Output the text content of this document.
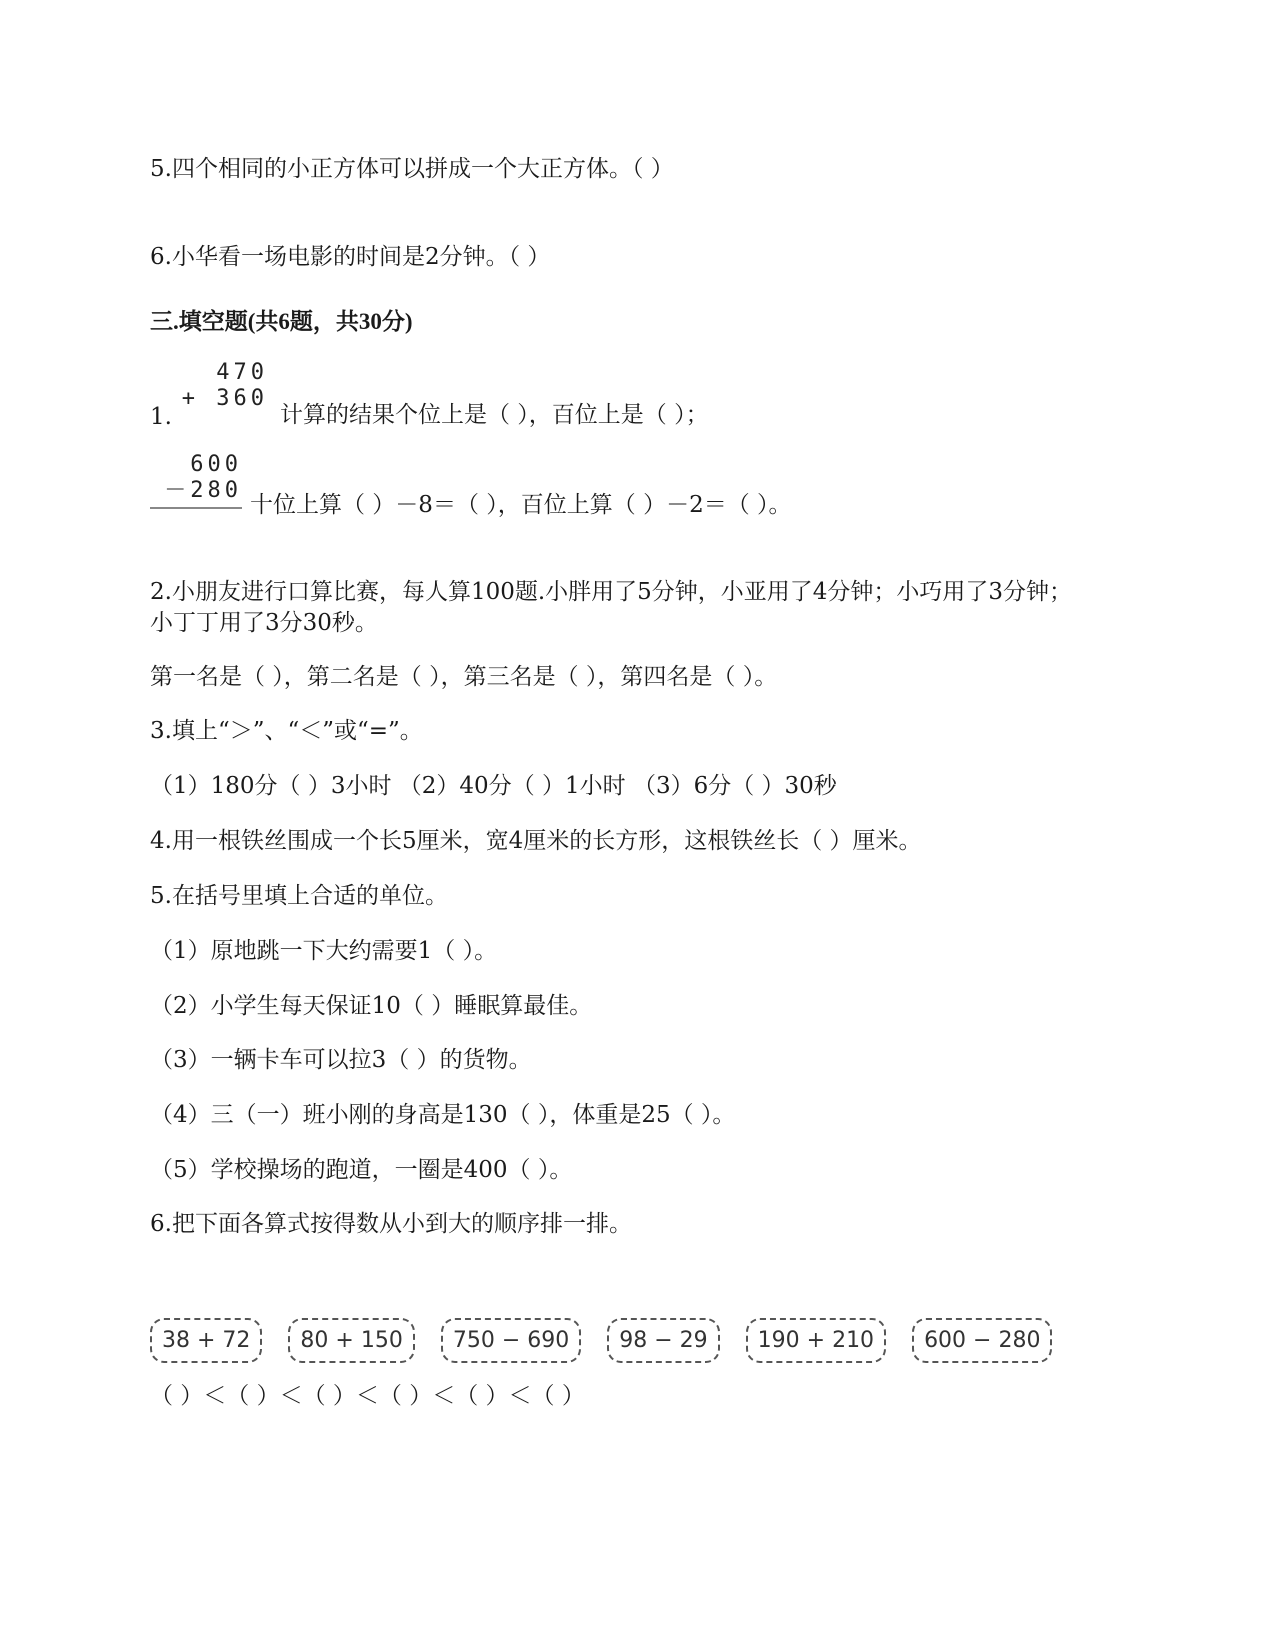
5.四个相同的小正方体可以拼成一个大正方体。（ ）
6.小华看一场电影的时间是2分钟。（ ）
三.填空题(共6题，共30分)
1.
470
+ 360
计算的结果个位上是（ ），百位上是（ ）；
600
－280
十位上算（ ）－8＝（ ），百位上算（ ）－2＝（ ）。
2.小朋友进行口算比赛，每人算100题.小胖用了5分钟，小亚用了4分钟；小巧用了3分钟；
小丁丁用了3分30秒。
第一名是（ ），第二名是（ ），第三名是（ ），第四名是（ ）。
3.填上“＞”、“＜”或“=”。
（1）180分（ ）3小时 （2）40分（ ）1小时 （3）6分（ ）30秒
4.用一根铁丝围成一个长5厘米，宽4厘米的长方形，这根铁丝长（ ）厘米。
5.在括号里填上合适的单位。
（1）原地跳一下大约需要1（ ）。
（2）小学生每天保证10（ ）睡眠算最佳。
（3）一辆卡车可以拉3（ ）的货物。
（4）三（一）班小刚的身高是130（ ），体重是25（ ）。
（5）学校操场的跑道，一圈是400（ ）。
6.把下面各算式按得数从小到大的顺序排一排。
38 + 72	80 + 150	750 − 690	98 − 29	190 + 210	600 − 280
（ ）＜（ ）＜（ ）＜（ ）＜（ ）＜（ ）
